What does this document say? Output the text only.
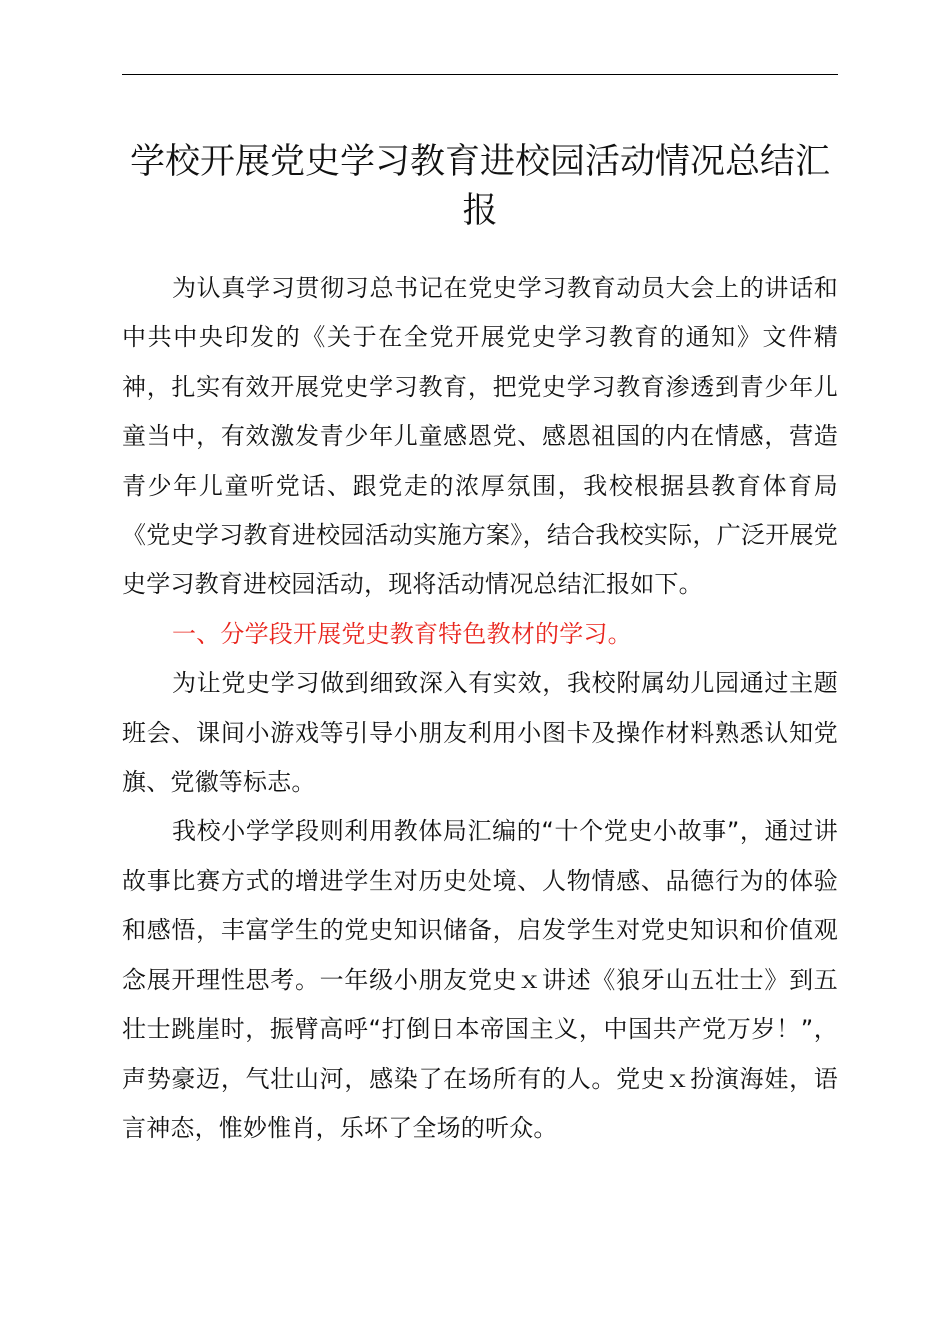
学校开展党史学习教育进校园活动情况总结汇报

为认真学习贯彻习总书记在党史学习教育动员大会上的讲话和中共中央印发的《关于在全党开展党史学习教育的通知》文件精神，扎实有效开展党史学习教育，把党史学习教育渗透到青少年儿童当中，有效激发青少年儿童感恩党、感恩祖国的内在情感，营造青少年儿童听党话、跟党走的浓厚氛围，我校根据县教育体育局《党史学习教育进校园活动实施方案》，结合我校实际，广泛开展党史学习教育进校园活动，现将活动情况总结汇报如下。

一、分学段开展党史教育特色教材的学习。

为让党史学习做到细致深入有实效，我校附属幼儿园通过主题班会、课间小游戏等引导小朋友利用小图卡及操作材料熟悉认知党旗、党徽等标志。

我校小学学段则利用教体局汇编的“十个党史小故事”，通过讲故事比赛方式的增进学生对历史处境、人物情感、品德行为的体验和感悟，丰富学生的党史知识储备，启发学生对党史知识和价值观念展开理性思考。一年级小朋友党史ｘ讲述《狼牙山五壮士》到五壮士跳崖时，振臂高呼“打倒日本帝国主义，中国共产党万岁！”，声势豪迈，气壮山河，感染了在场所有的人。党史ｘ扮演海娃，语言神态，惟妙惟肖，乐坏了全场的听众。
